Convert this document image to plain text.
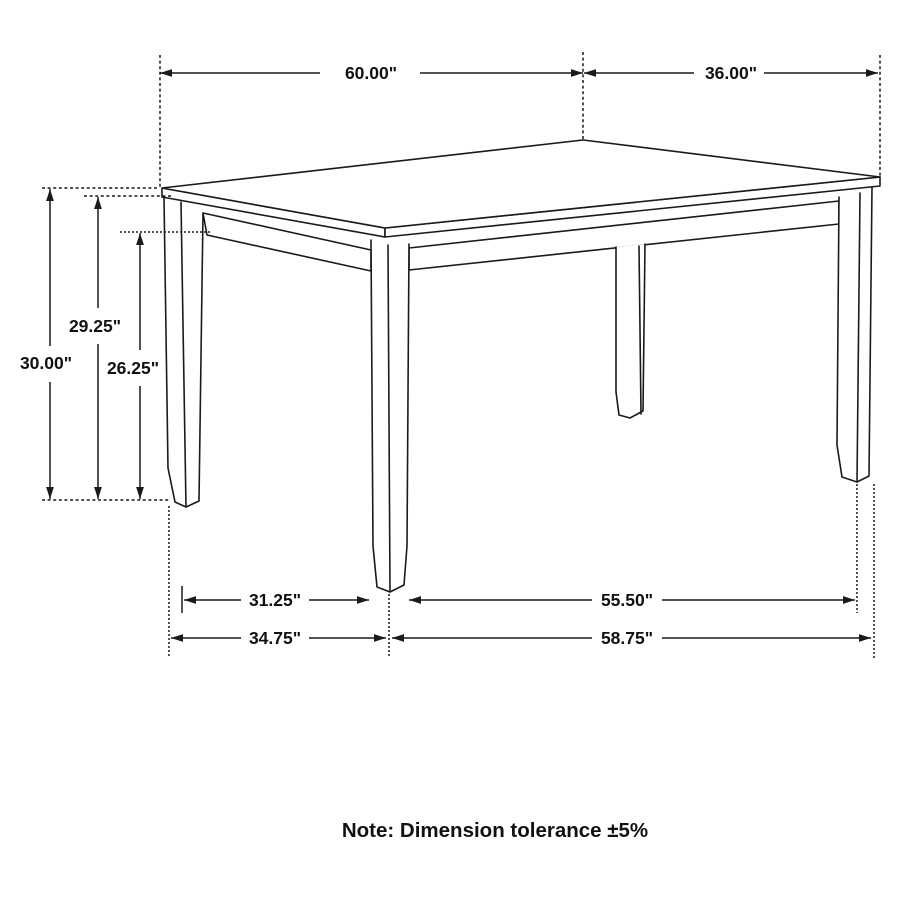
60.00"	36.00"
30.00"
29.25"
26.25"
31.25"	55.50"
34.75"	58.75"
Note: Dimension tolerance ±5%
